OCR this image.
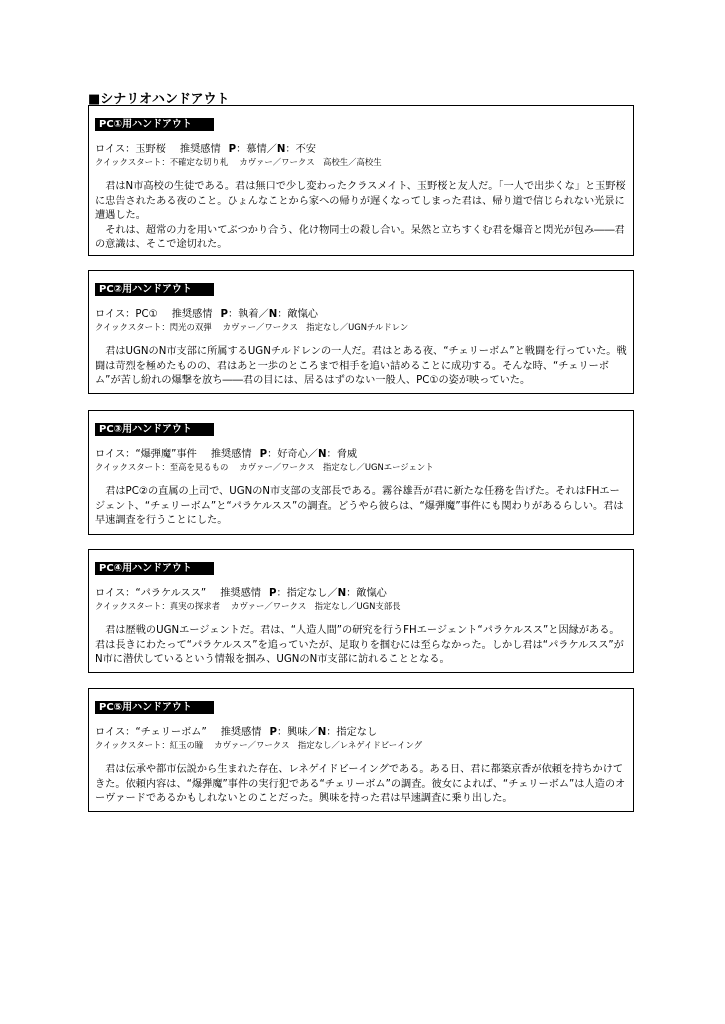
■シナリオハンドアウト
PC①用ハンドアウト
ロイス：玉野桜 推奨感情 P：慕情／N：不安
クイックスタート：不確定な切り札　 カヴァー／ワークス　高校生／高校生

君はN市高校の生徒である。君は無口で少し変わったクラスメイト、玉野桜と友人だ。「一人で出歩くな」と玉野桜に忠告されたある夜のこと。ひょんなことから家への帰りが遅くなってしまった君は、帰り道で信じられない光景に遭遇した。

それは、超常の力を用いてぶつかり合う、化け物同士の殺し合い。呆然と立ちすくむ君を爆音と閃光が包み――君の意識は、そこで途切れた。

PC②用ハンドアウト
ロイス：PC① 推奨感情 P：執着／N：敵愾心
クイックスタート：閃光の双弾　 カヴァー／ワークス　指定なし／UGNチルドレン

君はUGNのN市支部に所属するUGNチルドレンの一人だ。君はとある夜、“チェリーボム”と戦闘を行っていた。戦闘は苛烈を極めたものの、君はあと一歩のところまで相手を追い詰めることに成功する。そんな時、“チェリーボム”が苦し紛れの爆撃を放ち――君の目には、居るはずのない一般人、PC①の姿が映っていた。

PC③用ハンドアウト
ロイス：“爆弾魔”事件 推奨感情 P：好奇心／N：脅威
クイックスタート：至高を見るもの　 カヴァー／ワークス　指定なし／UGNエージェント

君はPC②の直属の上司で、UGNのN市支部の支部長である。霧谷雄吾が君に新たな任務を告げた。それはFHエージェント、“チェリーボム”と“パラケルスス”の調査。どうやら彼らは、“爆弾魔”事件にも関わりがあるらしい。君は早速調査を行うことにした。

PC④用ハンドアウト
ロイス：“パラケルスス” 推奨感情 P：指定なし／N：敵愾心
クイックスタート：真実の探求者　 カヴァー／ワークス　指定なし／UGN支部長

君は歴戦のUGNエージェントだ。君は、“人造人間”の研究を行うFHエージェント“パラケルスス”と因縁がある。君は長きにわたって“パラケルスス”を追っていたが、足取りを掴むには至らなかった。しかし君は“パラケルスス”がN市に潜伏しているという情報を掴み、UGNのN市支部に訪れることとなる。

PC⑤用ハンドアウト
ロイス：“チェリーボム” 推奨感情 P：興味／N：指定なし
クイックスタート：紅玉の瞳　 カヴァー／ワークス　指定なし／レネゲイドビーイング

君は伝承や都市伝説から生まれた存在、レネゲイドビーイングである。ある日、君に都築京香が依頼を持ちかけてきた。依頼内容は、“爆弾魔”事件の実行犯である“チェリーボム”の調査。彼女によれば、“チェリーボム”は人造のオーヴァードであるかもしれないとのことだった。興味を持った君は早速調査に乗り出した。
